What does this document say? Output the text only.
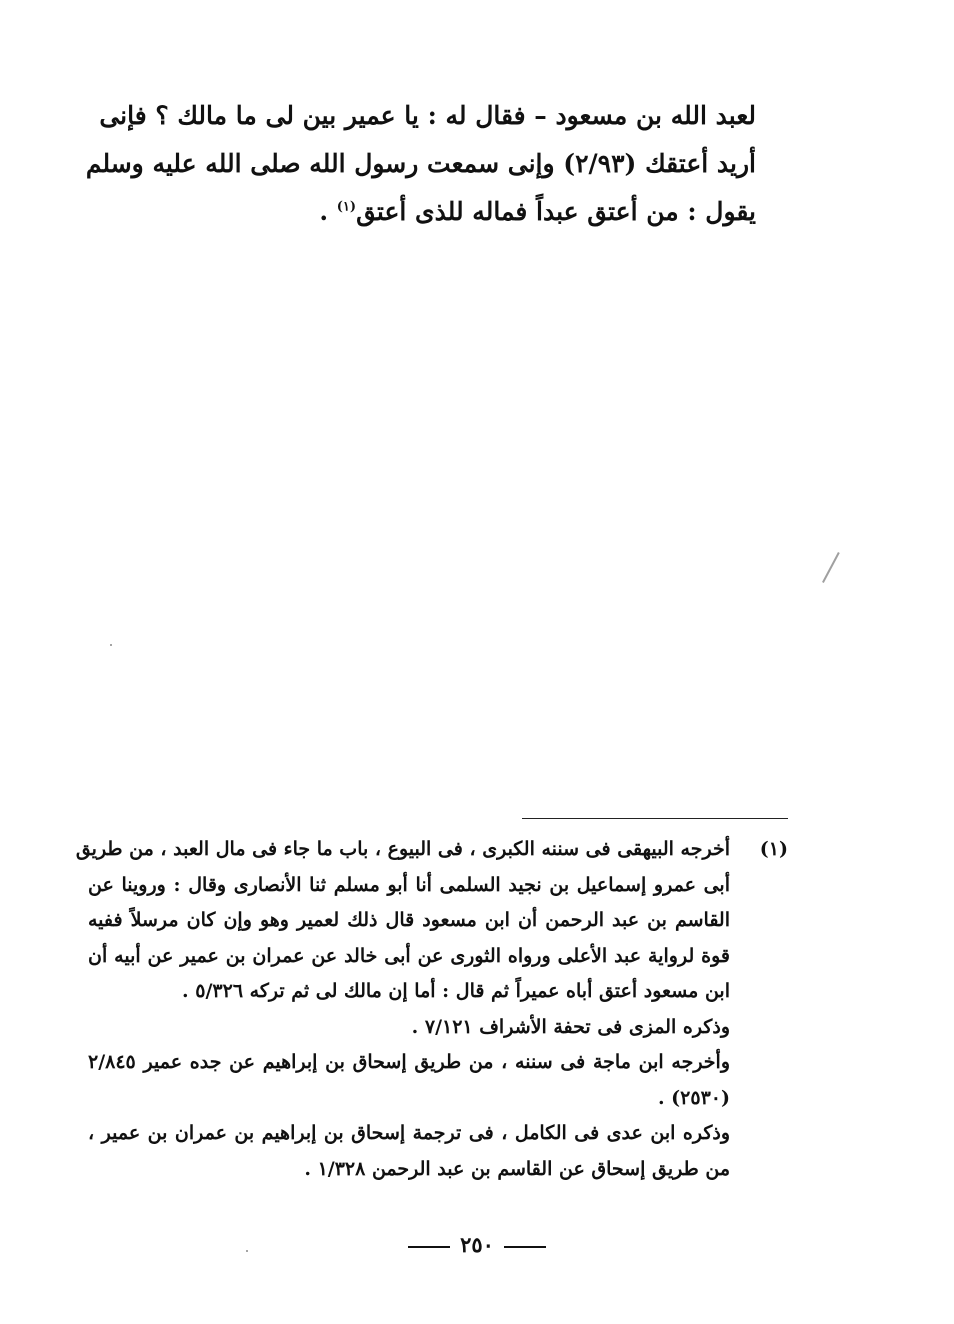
لعبد الله بن مسعود – فقال له : يا عمير بين لى ما مالك ؟ فإنى
أريد أعتقك (٢/٩٣) وإنى سمعت رسول الله صلى الله عليه وسلم
يقول : من أعتق عبداً فماله للذى أعتق$^{(١)}$ .
(١)
أخرجه البيهقى فى سننه الكبرى ، فى البيوع ، باب ما جاء فى مال العبد ، من طريق
أبى عمرو إسماعيل بن نجيد السلمى أنا أبو مسلم ثنا الأنصارى وقال : وروينا عن
القاسم بن عبد الرحمن أن ابن مسعود قال ذلك لعمير وهو وإن كان مرسلاً ففيه
قوة لرواية عبد الأعلى ورواه الثورى عن أبى خالد عن عمران بن عمير عن أبيه أن
ابن مسعود أعتق أباه عميراً ثم قال : أما إن مالك لى ثم تركه ٥/٣٢٦ .
وذكره المزى فى تحفة الأشراف ٧/١٢١ .
وأخرجه ابن ماجة فى سننه ، من طريق إسحاق بن إبراهيم عن جده عمير ٢/٨٤٥
(٢٥٣٠) .
وذكره ابن عدى فى الكامل ، فى ترجمة إسحاق بن إبراهيم بن عمران بن عمير ،
من طريق إسحاق عن القاسم بن عبد الرحمن ١/٣٢٨ .
٢٥٠
